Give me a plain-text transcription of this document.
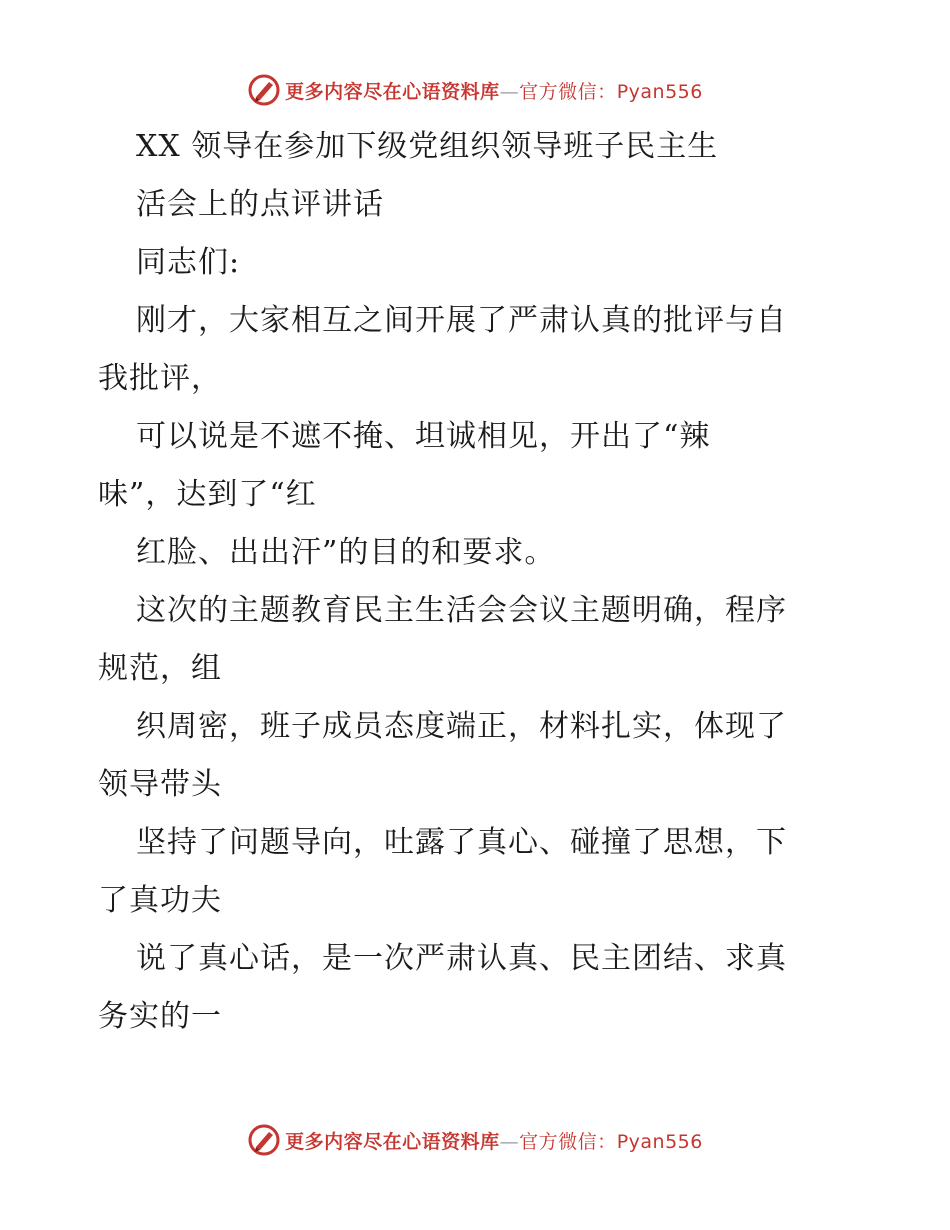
更多内容尽在心语资料库—官方微信：Pyan556
XX 领导在参加下级党组织领导班子民主生
活会上的点评讲话
同志们:
刚才，大家相互之间开展了严肃认真的批评与自
我批评，
可以说是不遮不掩、坦诚相见，开出了“辣
味”，达到了“红
红脸、出出汗”的目的和要求。
这次的主题教育民主生活会会议主题明确，程序
规范，组
织周密，班子成员态度端正，材料扎实，体现了
领导带头
坚持了问题导向，吐露了真心、碰撞了思想，下
了真功夫
说了真心话，是一次严肃认真、民主团结、求真
务实的一
更多内容尽在心语资料库—官方微信：Pyan556
